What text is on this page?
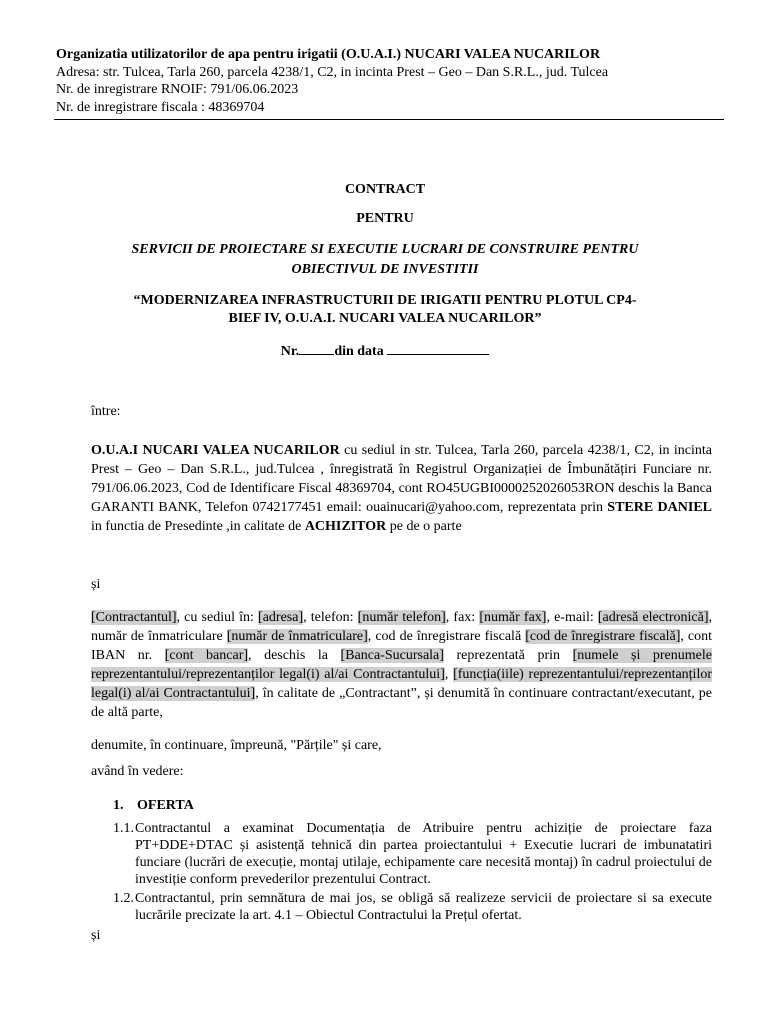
Organizatia utilizatorilor de apa pentru irigatii (O.U.A.I.) NUCARI VALEA NUCARILOR
Adresa: str. Tulcea, Tarla 260, parcela 4238/1, C2, in incinta Prest – Geo – Dan S.R.L., jud. Tulcea
Nr. de inregistrare RNOIF: 791/06.06.2023
Nr. de inregistrare fiscala : 48369704
CONTRACT
PENTRU
SERVICII DE PROIECTARE SI EXECUTIE LUCRARI DE CONSTRUIRE PENTRU
OBIECTIVUL DE INVESTITII
“MODERNIZAREA INFRASTRUCTURII DE IRIGATII PENTRU PLOTUL CP4-
BIEF IV, O.U.A.I. NUCARI VALEA NUCARILOR”
Nr.	din data
între:
O.U.A.I NUCARI VALEA NUCARILOR cu sediul in str. Tulcea, Tarla 260, parcela 4238/1, C2, in incinta Prest – Geo – Dan S.R.L., jud.Tulcea , înregistrată în Registrul Organizației de Îmbunătățiri Funciare nr. 791/06.06.2023, Cod de Identificare Fiscal 48369704, cont RO45UGBI0000252026053RON deschis la Banca GARANTI BANK, Telefon 0742177451 email: ouainucari@yahoo.com, reprezentata prin STERE DANIEL in functia de Presedinte ,in calitate de ACHIZITOR pe de o parte
și
[Contractantul], cu sediul în: [adresa], telefon: [număr telefon], fax: [număr fax], e-mail: [adresă electronică], număr de înmatriculare [număr de înmatriculare], cod de înregistrare fiscală [cod de înregistrare fiscală], cont IBAN nr. [cont bancar], deschis la [Banca-Sucursala] reprezentată prin [numele și prenumele reprezentantului/reprezentanților legal(i) al/ai Contractantului], [funcția(iile) reprezentantului/reprezentanților legal(i) al/ai Contractantului], în calitate de „Contractant”, și denumită în continuare contractant/executant, pe de altă parte,
denumite, în continuare, împreună, "Părțile" și care,
având în vedere:
1. OFERTA
1.1. Contractantul a examinat Documentația de Atribuire pentru achiziție de proiectare faza PT+DDE+DTAC și asistență tehnică din partea proiectantului + Executie lucrari de imbunatatiri funciare (lucrări de execuție, montaj utilaje, echipamente care necesită montaj) în cadrul proiectului de investiție conform prevederilor prezentului Contract.
1.2. Contractantul, prin semnătura de mai jos, se obligă să realizeze servicii de proiectare si sa execute lucrările precizate la art. 4.1 – Obiectul Contractului la Prețul ofertat.
și
